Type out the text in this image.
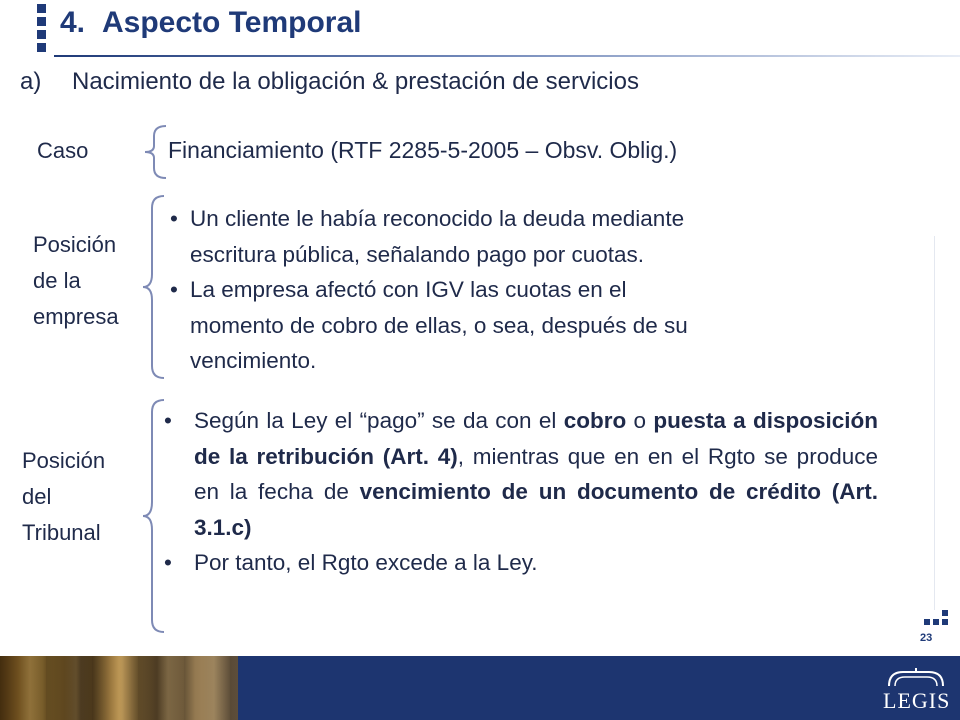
4. Aspecto Temporal
a) Nacimiento de la obligación & prestación de servicios
Caso	Financiamiento (RTF 2285-5-2005 – Obsv. Oblig.)
Posición
de la
empresa

• Un cliente le había reconocido la deuda mediante
escritura pública, señalando pago por cuotas.

• La empresa afectó con IGV las cuotas en el
momento de cobro de ellas, o sea, después de su
vencimiento.

Posición
del
Tribunal

• Según la Ley el “pago” se da con el cobro o puesta a disposición de la retribución (Art. 4), mientras que en en el Rgto se produce en la fecha de vencimiento de un documento de crédito (Art. 3.1.c)

• Por tanto, el Rgto excede a la Ley.

23
LEGIS
